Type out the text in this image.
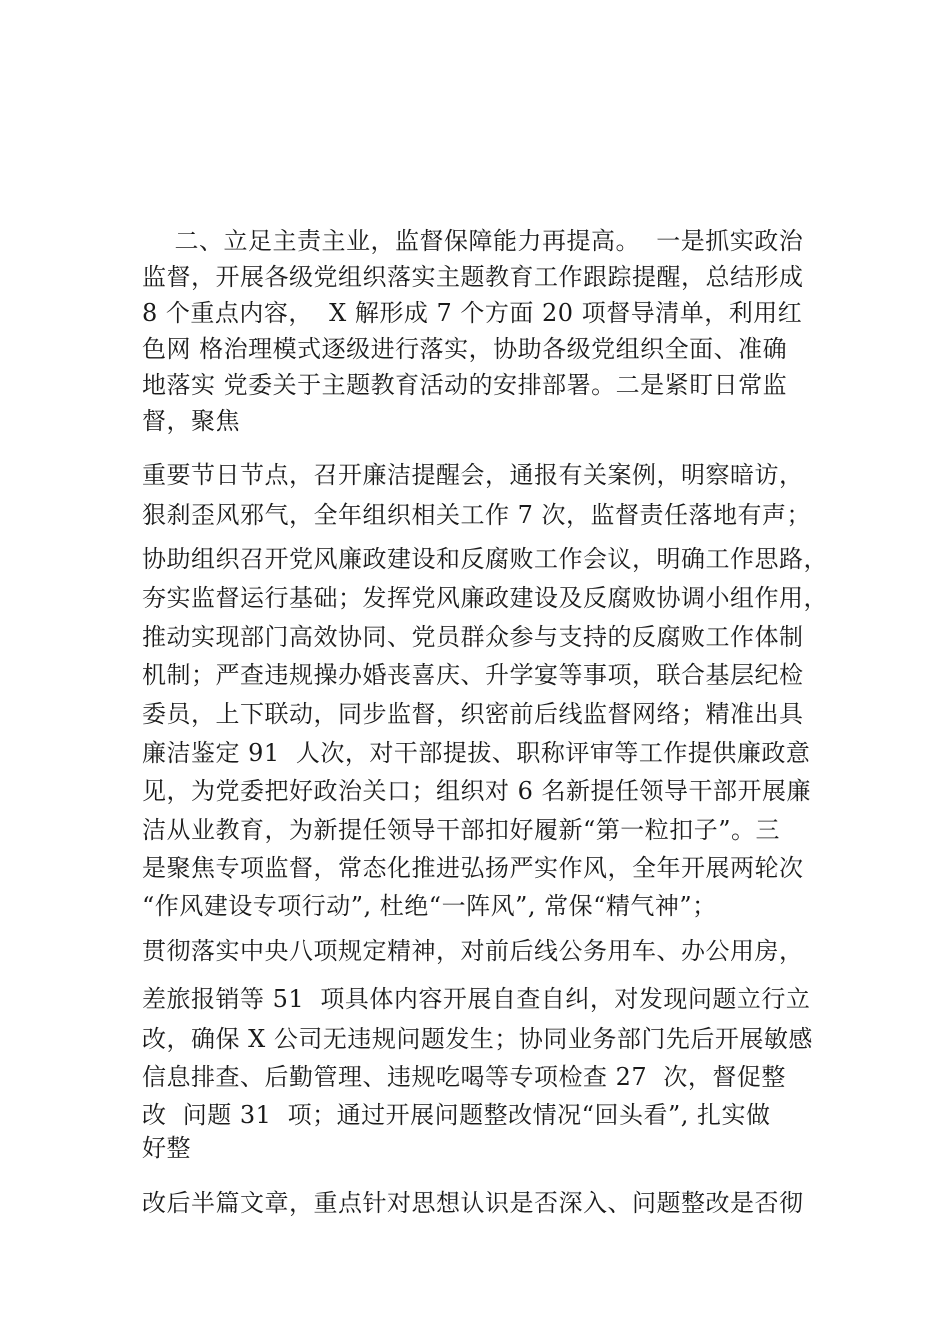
二、立足主责主业，监督保障能力再提高。  一是抓实政治
监督，开展各级党组织落实主题教育工作跟踪提醒，总结形成
8 个重点内容，  X 解形成 7 个方面 20 项督导清单，利用红
色网 格治理模式逐级进行落实，协助各级党组织全面、准确
地落实 党委关于主题教育活动的安排部署。二是紧盯日常监
督，聚焦
重要节日节点，召开廉洁提醒会，通报有关案例，明察暗访，
狠刹歪风邪气，全年组织相关工作 7 次，监督责任落地有声；
协助组织召开党风廉政建设和反腐败工作会议，明确工作思路，
夯实监督运行基础；发挥党风廉政建设及反腐败协调小组作用，
推动实现部门高效协同、党员群众参与支持的反腐败工作体制
机制；严查违规操办婚丧喜庆、升学宴等事项，联合基层纪检
委员，上下联动，同步监督，织密前后线监督网络；精准出具
廉洁鉴定 91  人次，对干部提拔、职称评审等工作提供廉政意
见，为党委把好政治关口；组织对 6 名新提任领导干部开展廉
洁从业教育，为新提任领导干部扣好履新“第一粒扣子”。三
是聚焦专项监督，常态化推进弘扬严实作风，全年开展两轮次
“作风建设专项行动”, 杜绝“一阵风”, 常保“精气神”；
贯彻落实中央八项规定精神，对前后线公务用车、办公用房，
差旅报销等 51  项具体内容开展自查自纠，对发现问题立行立
改，确保 X 公司无违规问题发生；协同业务部门先后开展敏感
信息排查、后勤管理、违规吃喝等专项检查 27  次，督促整
改  问题 31  项；通过开展问题整改情况“回头看”, 扎实做
好整
改后半篇文章，重点针对思想认识是否深入、问题整改是否彻
